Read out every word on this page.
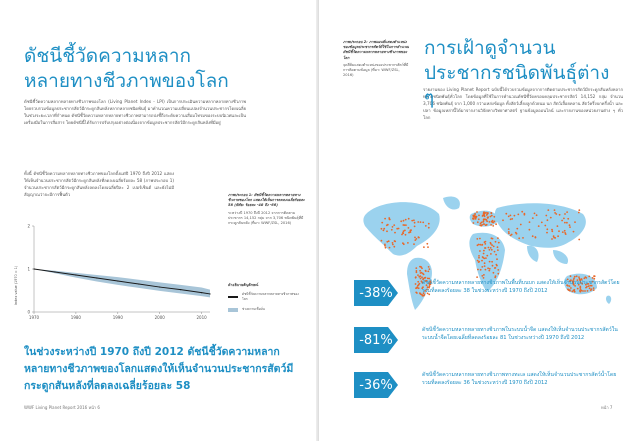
ดัชนีชี้วัดความหลากหลายทางชีวภาพของโลก

ดัชนีชี้วัดความหลากหลายทางชีวภาพของโลก (Living Planet Index - LPI) เป็นการประเมินความหลากหลายทางชีวภาพโดยรวบรวมข้อมูลประชากรสัตว์มีกระดูกสันหลังหลากหลายชนิดพันธุ์ มาคำนวณความเปลี่ยนแปลงจำนวนประชากรโดยเฉลี่ยในช่วงระยะเวลาที่กำหนด ดัชนีชี้วัดความหลากหลายทางชีวภาพสามารถบ่งชี้ถึงระดับความเสื่อมโทรมของระบบนิเวศและเป็นเครื่องมือในการสื่อสาร โดยดัชนีนี้ได้รับการปรับปรุงอย่างต่อเนื่องจากข้อมูลประชากรสัตว์มีกระดูกสันหลังที่มีอยู่

ทั้งนี้ ดัชนีชี้วัดความหลากหลายทางชีวภาพของโลกตั้งแต่ปี 1970 ถึงปี 2012 แสดงให้เห็นจำนวนประชากรสัตว์มีกระดูกสันหลังที่ลดลงเฉลี่ยร้อยละ 58 (ภาพประกอบ 1) จำนวนประชากรสัตว์มีกระดูกสันหลังลดลงโดยเฉลี่ยปีละ 2 เปอร์เซ็นต์ และยังไม่มีสัญญาณว่าจะมีการฟื้นตัว	ภาพประกอบ 1: ดัชนีชี้วัดความหลากหลายทางชีวภาพของโลก แสดงให้เห็นการลดลงเฉลี่ยร้อยละ 58 (พิสัย: ร้อยละ -48 ถึง -66)
ระหว่างปี 1970 ถึงปี 2012 จากการติดตามประชากร 14,152 กลุ่ม จาก 3,706 ชนิดพันธุ์ที่มีกระดูกสันหลัง (ที่มา: WWF/ZSL, 2016)
Index value (1970 = 1)
0
1
2
1970	1980	1990	2000	2010
คำอธิบายสัญลักษณ์
ดัชนีชี้วัดความหลากหลายทางชีวภาพของโลก
ช่วงความเชื่อมั่น
ในช่วงระหว่างปี 1970 ถึงปี 2012 ดัชนีชี้วัดความหลากหลายทางชีวภาพของโลกแสดงให้เห็นจำนวนประชากรสัตว์มีกระดูกสันหลังที่ลดลงเฉลี่ยร้อยละ 58
WWF Living Planet Report 2016 หน้า 6
ภาพประกอบ 2: ภาพแผนที่แสดงตำแหน่งของข้อมูลประชากรสัตว์ที่ใช้ในการคำนวณดัชนีชี้วัดความหลากหลายทางชีวภาพของโลก
จุดสีส้มแสดงตำแหน่งของประชากรสัตว์ที่มีการติดตามข้อมูล (ที่มา: WWF/ZSL, 2016)

รายงานของ Living Planet Report ฉบับนี้ได้รวบรวมข้อมูลจากการติดตามประชากรสัตว์มีกระดูกสันหลังหลากหลายชนิดพันธุ์ทั่วโลก โดยข้อมูลที่ใช้ในการคำนวณดัชนีชี้วัดครอบคลุมประชากรสัตว์ 14,152 กลุ่ม จำนวน 3,706 ชนิดพันธุ์ จาก 1,000 กว่าแหล่งข้อมูล ทั้งสัตว์เลี้ยงลูกด้วยนม นก สัตว์เลื้อยคลาน สัตว์ครึ่งบกครึ่งน้ำ และปลา ข้อมูลเหล่านี้ได้มาจากงานวิจัยทางวิทยาศาสตร์ ฐานข้อมูลออนไลน์ และรายงานของหน่วยงานต่าง ๆ ทั่วโลก

หน้า 7
การเฝ้าดูจำนวนประชากรชนิดพันธุ์ต่าง ๆ
-38%
ดัชนีชี้วัดความหลากหลายทางชีวภาพในพื้นที่บนบก แสดงให้เห็นจำนวนประชากรสัตว์โดยรวมที่ลดลงร้อยละ 38 ในช่วงระหว่างปี 1970 ถึงปี 2012
-81%
ดัชนีชี้วัดความหลากหลายทางชีวภาพในระบบน้ำจืด แสดงให้เห็นจำนวนประชากรสัตว์ในระบบน้ำจืดโดยเฉลี่ยที่ลดลงร้อยละ 81 ในช่วงระหว่างปี 1970 ถึงปี 2012
-36%
ดัชนีชี้วัดความหลากหลายทางชีวภาพทางทะเล แสดงให้เห็นจำนวนประชากรสัตว์น้ำโดยรวมที่ลดลงร้อยละ 36 ในช่วงระหว่างปี 1970 ถึงปี 2012
